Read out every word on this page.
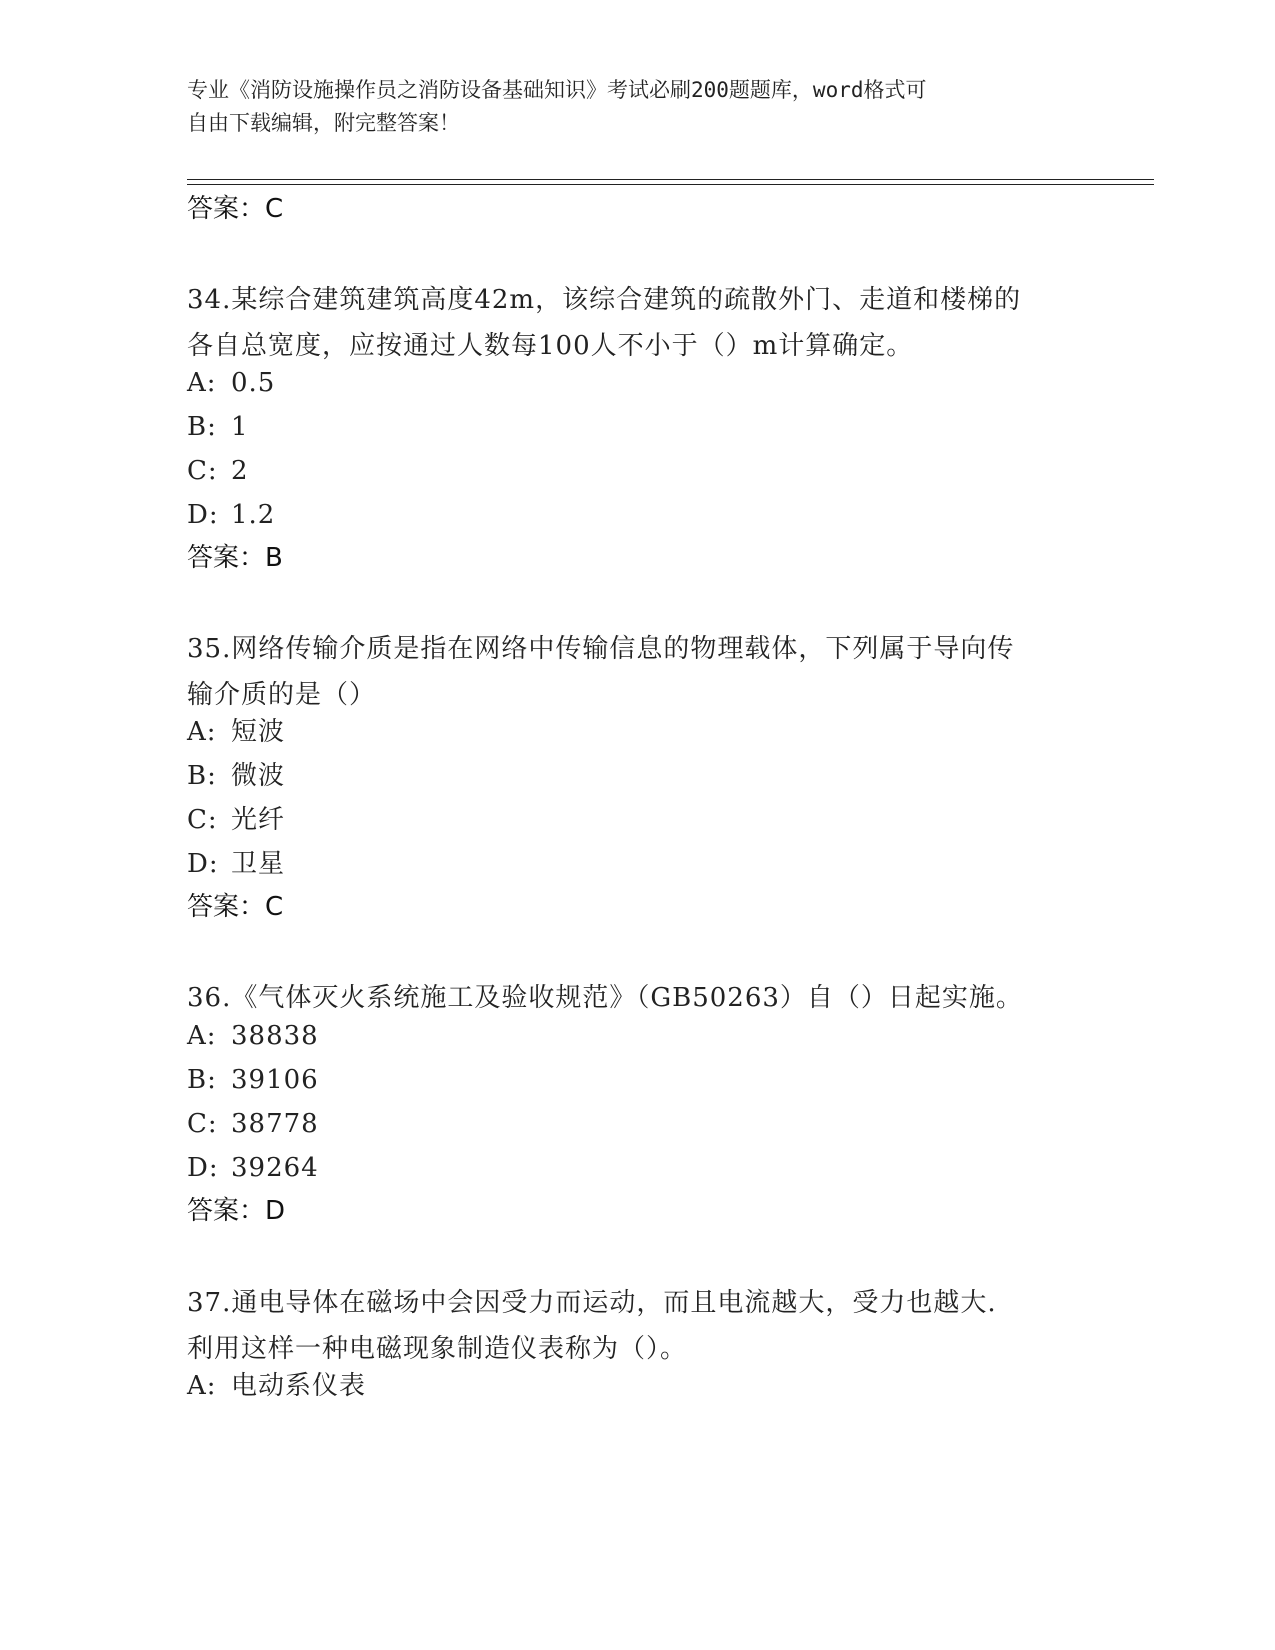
专业《消防设施操作员之消防设备基础知识》考试必刷200题题库，word格式可
自由下载编辑，附完整答案！
答案：C
34.某综合建筑建筑高度42m，该综合建筑的疏散外门、走道和楼梯的
各自总宽度，应按通过人数每100人不小于（）m计算确定。
A: 0.5
B: 1
C: 2
D: 1.2
答案：B
35.网络传输介质是指在网络中传输信息的物理载体，下列属于导向传
输介质的是（）
A: 短波
B: 微波
C: 光纤
D: 卫星
答案：C
36.《气体灭火系统施工及验收规范》（GB50263）自（）日起实施。
A: 38838
B: 39106
C: 38778
D: 39264
答案：D
37.通电导体在磁场中会因受力而运动，而且电流越大，受力也越大.
利用这样一种电磁现象制造仪表称为（）。
A: 电动系仪表
